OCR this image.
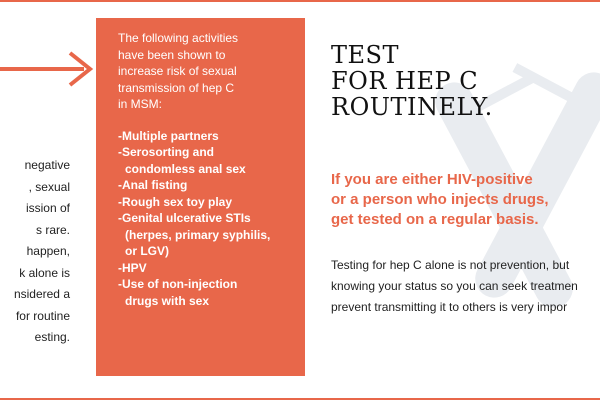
negative
, sexual
ission of
s rare.
happen,
k alone is
nsidered a
for routine
esting.
The following activities
have been shown to
increase risk of sexual
transmission of hep C
in MSM:
-Multiple partners
-Serosorting and
condomless anal sex
-Anal fisting
-Rough sex toy play
-Genital ulcerative STIs
(herpes, primary syphilis,
or LGV)
-HPV
-Use of non-injection
drugs with sex
TEST
FOR HEP C
ROUTINELY.
If you are either HIV-positive
or a person who injects drugs,
get tested on a regular basis.
Testing for hep C alone is not prevention, but
knowing your status so you can seek treatmen
prevent transmitting it to others is very impor
